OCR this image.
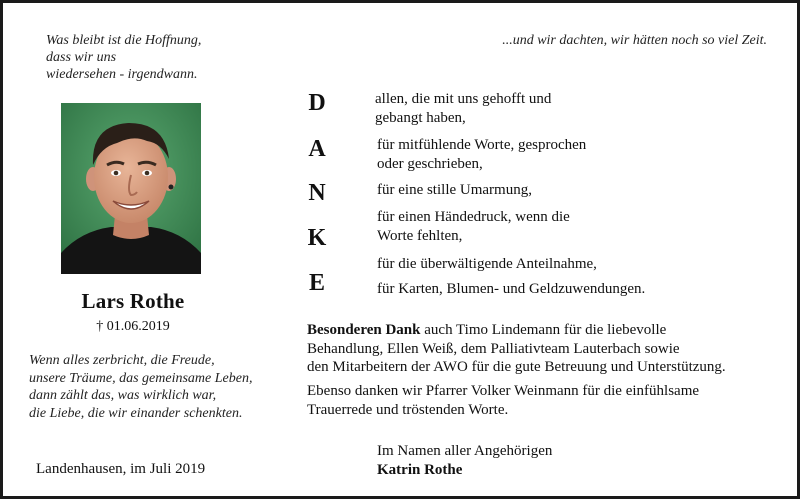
Was bleibt ist die Hoffnung,
dass wir uns
wiedersehen - irgendwann.
...und wir dachten, wir hätten noch so viel Zeit.
Lars Rothe
† 01.06.2019
Wenn alles zerbricht, die Freude,
unsere Träume, das gemeinsame Leben,
dann zählt das, was wirklich war,
die Liebe, die wir einander schenkten.
Landenhausen, im Juli 2019
D
A
N
K
E
allen, die mit uns gehofft und
gebangt haben,
für mitfühlende Worte, gesprochen
oder geschrieben,
für eine stille Umarmung,
für einen Händedruck, wenn die
Worte fehlten,
für die überwältigende Anteilnahme,
für Karten, Blumen- und Geldzuwendungen.
Besonderen Dank auch Timo Lindemann für die liebevolle
Behandlung, Ellen Weiß, dem Palliativteam Lauterbach sowie
den Mitarbeitern der AWO für die gute Betreuung und Unterstützung.
Ebenso danken wir Pfarrer Volker Weinmann für die einfühlsame
Trauerrede und tröstenden Worte.
Im Namen aller Angehörigen
Katrin Rothe
